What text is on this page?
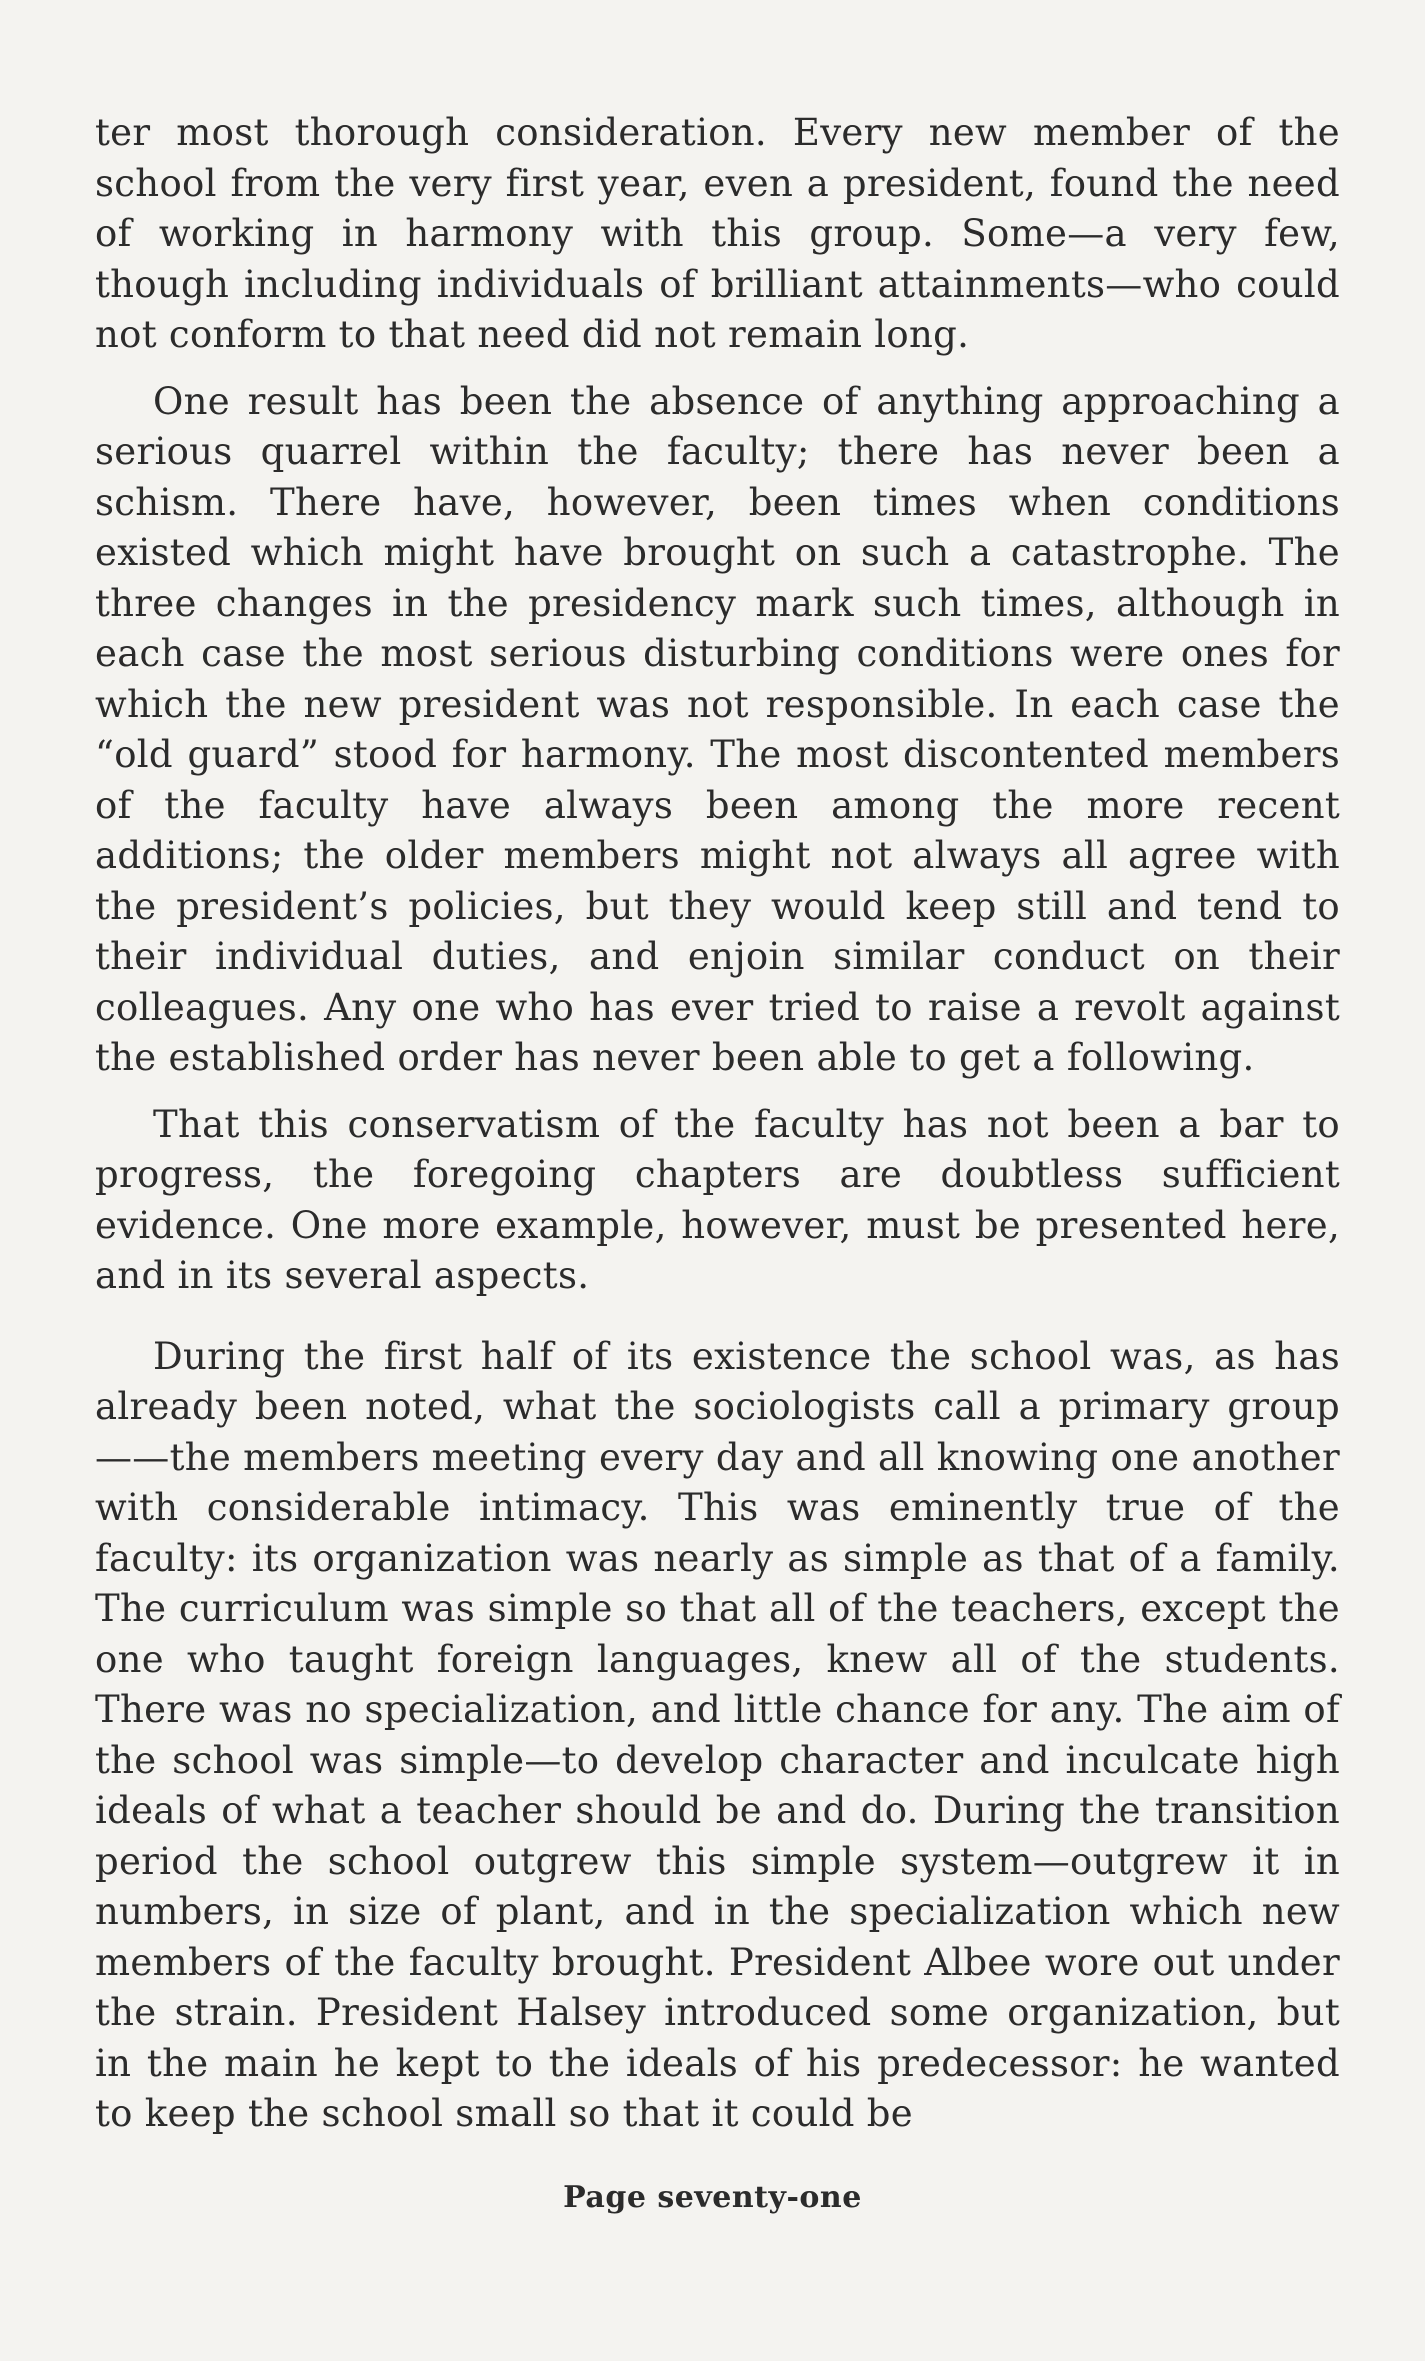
ter most thorough consideration. Every new member of the school from the very first year, even a president, found the need of working in harmony with this group. Some—a very few, though including individuals of brilliant attainments—who could not conform to that need did not remain long.

One result has been the absence of anything approaching a serious quarrel within the faculty; there has never been a schism. There have, however, been times when conditions existed which might have brought on such a catastrophe. The three changes in the presidency mark such times, although in each case the most serious disturbing conditions were ones for which the new president was not responsible. In each case the “old guard” stood for harmony. The most discontented members of the faculty have always been among the more recent additions; the older members might not always all agree with the president’s policies, but they would keep still and tend to their individual duties, and enjoin similar conduct on their colleagues. Any one who has ever tried to raise a revolt against the established order has never been able to get a following.

That this conservatism of the faculty has not been a bar to progress, the foregoing chapters are doubtless sufficient evidence. One more example, however, must be presented here, and in its several aspects.

During the first half of its existence the school was, as has already been noted, what the sociologists call a primary group——the members meeting every day and all knowing one another with considerable intimacy. This was eminently true of the faculty: its organization was nearly as simple as that of a family. The curriculum was simple so that all of the teachers, except the one who taught foreign languages, knew all of the students. There was no specialization, and little chance for any. The aim of the school was simple—to develop character and inculcate high ideals of what a teacher should be and do. During the transition period the school outgrew this simple system—outgrew it in numbers, in size of plant, and in the specialization which new members of the faculty brought. President Albee wore out under the strain. President Halsey introduced some organization, but in the main he kept to the ideals of his predecessor: he wanted to keep the school small so that it could be

Page seventy-one
